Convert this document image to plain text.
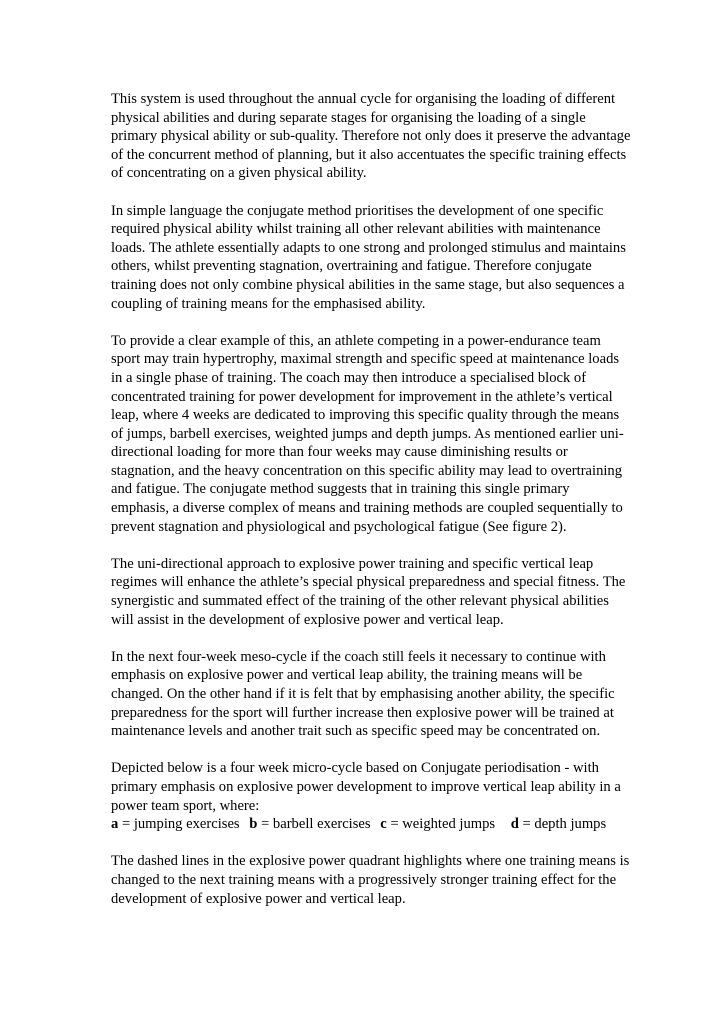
This system is used throughout the annual cycle for organising the loading of different physical abilities and during separate stages for organising the loading of a single primary physical ability or sub-quality. Therefore not only does it preserve the advantage of the concurrent method of planning, but it also accentuates the specific training effects of concentrating on a given physical ability.

In simple language the conjugate method prioritises the development of one specific required physical ability whilst training all other relevant abilities with maintenance loads. The athlete essentially adapts to one strong and prolonged stimulus and maintains others, whilst preventing stagnation, overtraining and fatigue. Therefore conjugate training does not only combine physical abilities in the same stage, but also sequences a coupling of training means for the emphasised ability.

To provide a clear example of this, an athlete competing in a power-endurance team sport may train hypertrophy, maximal strength and specific speed at maintenance loads in a single phase of training. The coach may then introduce a specialised block of concentrated training for power development for improvement in the athlete’s vertical leap, where 4 weeks are dedicated to improving this specific quality through the means of jumps, barbell exercises, weighted jumps and depth jumps. As mentioned earlier uni-directional loading for more than four weeks may cause diminishing results or stagnation, and the heavy concentration on this specific ability may lead to overtraining and fatigue. The conjugate method suggests that in training this single primary emphasis, a diverse complex of means and training methods are coupled sequentially to prevent stagnation and physiological and psychological fatigue (See figure 2).

The uni-directional approach to explosive power training and specific vertical leap regimes will enhance the athlete’s special physical preparedness and special fitness. The synergistic and summated effect of the training of the other relevant physical abilities will assist in the development of explosive power and vertical leap.

In the next four-week meso-cycle if the coach still feels it necessary to continue with emphasis on explosive power and vertical leap ability, the training means will be changed. On the other hand if it is felt that by emphasising another ability, the specific preparedness for the sport will further increase then explosive power will be trained at maintenance levels and another trait such as specific speed may be concentrated on.

Depicted below is a four week micro-cycle based on Conjugate periodisation - with primary emphasis on explosive power development to improve vertical leap ability in a power team sport, where:
a = jumping exercises b = barbell exercises c = weighted jumps d = depth jumps

The dashed lines in the explosive power quadrant highlights where one training means is changed to the next training means with a progressively stronger training effect for the development of explosive power and vertical leap.
